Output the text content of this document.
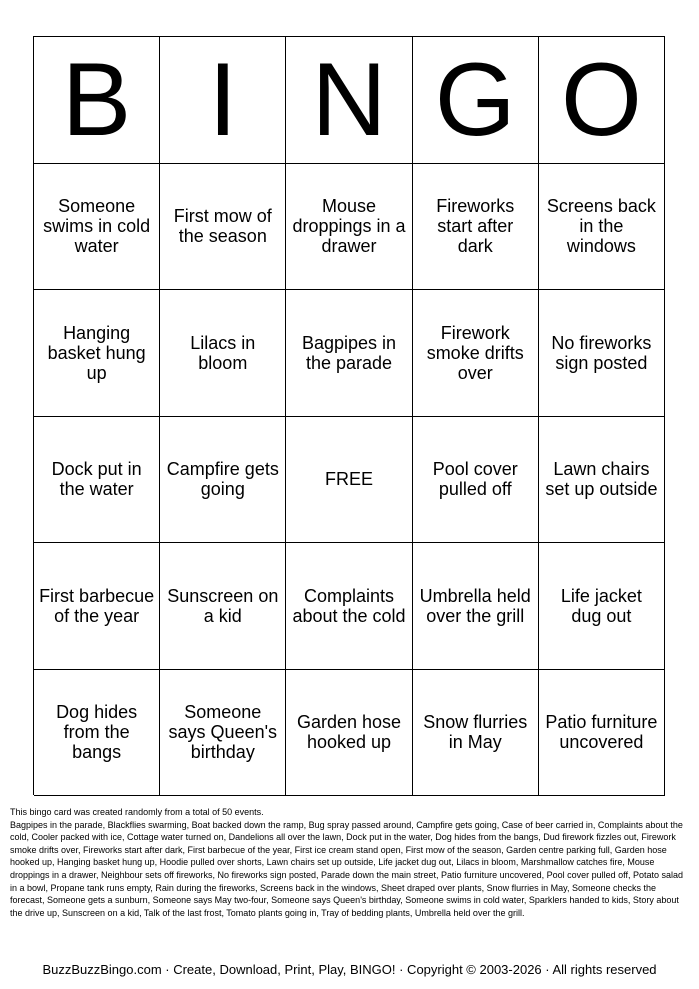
B I N G O
Someone swims in cold water
First mow of the season
Mouse droppings in a drawer
Fireworks start after dark
Screens back in the windows
Hanging basket hung up
Lilacs in bloom
Bagpipes in the parade
Firework smoke drifts over
No fireworks sign posted
Dock put in the water
Campfire gets going	FREE	Pool cover pulled off
Lawn chairs set up outside
First barbecue of the year
Sunscreen on a kid
Complaints about the cold
Umbrella held over the grill
Life jacket dug out
Dog hides from the bangs
Someone says Queen's birthday
Garden hose hooked up
Snow flurries in May
Patio furniture uncovered

This bingo card was created randomly from a total of 50 events.

Bagpipes in the parade, Blackflies swarming, Boat backed down the ramp, Bug spray passed around, Campfire gets going, Case of beer carried in, Complaints about the cold, Cooler packed with ice, Cottage water turned on, Dandelions all over the lawn, Dock put in the water, Dog hides from the bangs, Dud firework fizzles out, Firework smoke drifts over, Fireworks start after dark, First barbecue of the year, First ice cream stand open, First mow of the season, Garden centre parking full, Garden hose hooked up, Hanging basket hung up, Hoodie pulled over shorts, Lawn chairs set up outside, Life jacket dug out, Lilacs in bloom, Marshmallow catches fire, Mouse droppings in a drawer, Neighbour sets off fireworks, No fireworks sign posted, Parade down the main street, Patio furniture uncovered, Pool cover pulled off, Potato salad in a bowl, Propane tank runs empty, Rain during the fireworks, Screens back in the windows, Sheet draped over plants, Snow flurries in May, Someone checks the forecast, Someone gets a sunburn, Someone says May two-four, Someone says Queen's birthday, Someone swims in cold water, Sparklers handed to kids, Story about the drive up, Sunscreen on a kid, Talk of the last frost, Tomato plants going in, Tray of bedding plants, Umbrella held over the grill.

BuzzBuzzBingo.com · Create, Download, Print, Play, BINGO! · Copyright © 2003-2026 · All rights reserved
